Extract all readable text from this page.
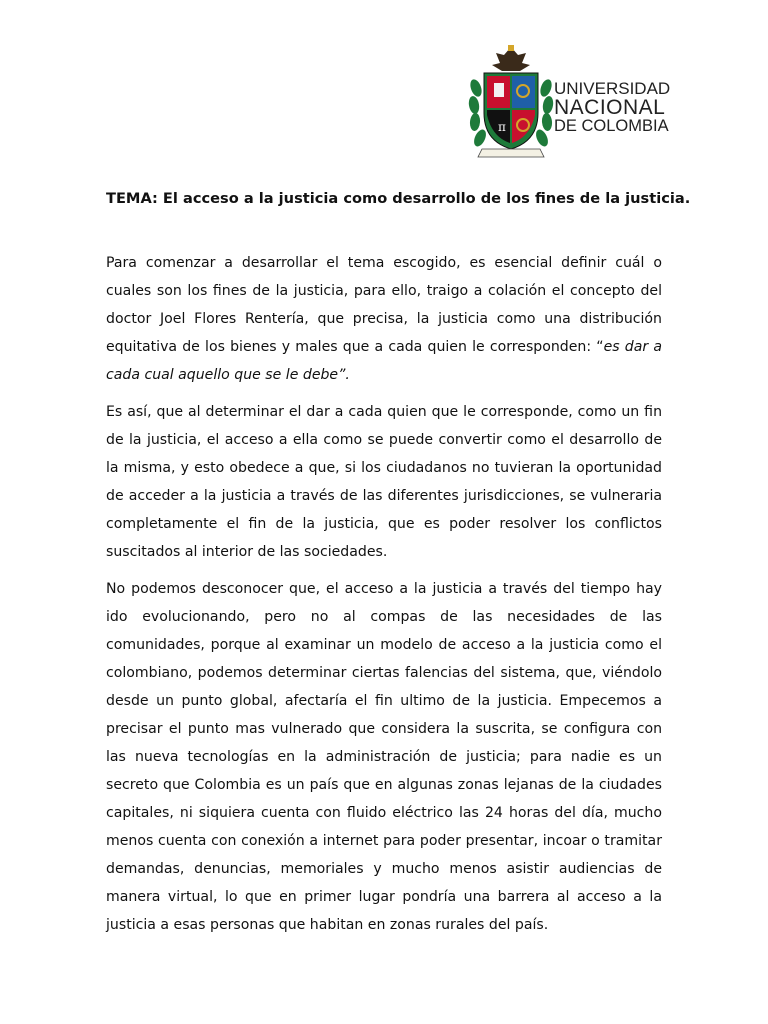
π
UNIVERSIDAD
NACIONAL
DE COLOMBIA
TEMA: El acceso a la justicia como desarrollo de los fines de la justicia.

Para comenzar a desarrollar el tema escogido, es esencial definir cuál o cuales son los fines de la justicia, para ello, traigo a colación el concepto del doctor Joel Flores Rentería, que precisa, la justicia como una distribución equitativa de los bienes y males que a cada quien le corresponden: “es dar a cada cual aquello que se le debe”.

Es así, que al determinar el dar a cada quien que le corresponde, como un fin de la justicia, el acceso a ella como se puede convertir como el desarrollo de la misma, y esto obedece a que, si los ciudadanos no tuvieran la oportunidad de acceder a la justicia a través de las diferentes jurisdicciones, se vulneraria completamente el fin de la justicia, que es poder resolver los conflictos suscitados al interior de las sociedades.

No podemos desconocer que, el acceso a la justicia a través del tiempo hay ido evolucionando, pero no al compas de las necesidades de las comunidades, porque al examinar un modelo de acceso a la justicia como el colombiano, podemos determinar ciertas falencias del sistema, que, viéndolo desde un punto global, afectaría el fin ultimo de la justicia. Empecemos a precisar el punto mas vulnerado que considera la suscrita, se configura con las nueva tecnologías en la administración de justicia; para nadie es un secreto que Colombia es un país que en algunas zonas lejanas de la ciudades capitales, ni siquiera cuenta con fluido eléctrico las 24 horas del día, mucho menos cuenta con conexión a internet para poder presentar, incoar o tramitar demandas, denuncias, memoriales y mucho menos asistir audiencias de manera virtual, lo que en primer lugar pondría una barrera al acceso a la justicia a esas personas que habitan en zonas rurales del país.
